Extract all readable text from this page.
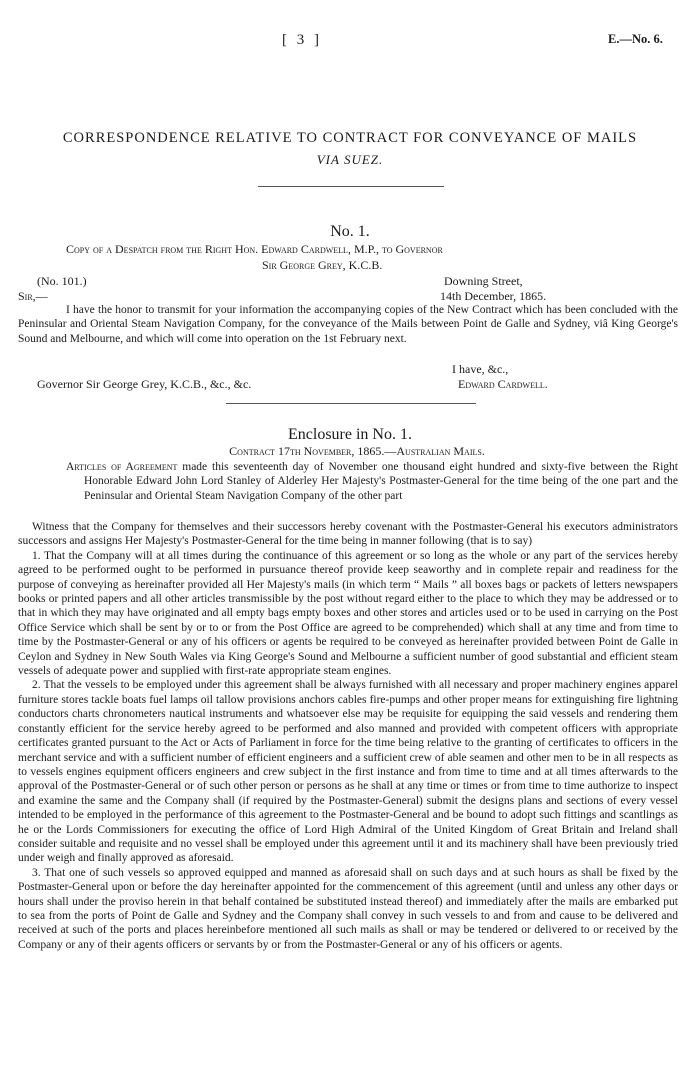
[ 3 ]	E.—No. 6.
CORRESPONDENCE RELATIVE TO CONTRACT FOR CONVEYANCE OF MAILS
VIA SUEZ.
No. 1.
Copy of a Despatch from the Right Hon. Edward Cardwell, M.P., to Governor
Sir George Grey, K.C.B.
(No. 101.)	Downing Street,
Sir,—	14th December, 1865.
I have the honor to transmit for your information the accompanying copies of the New Contract which has been concluded with the Peninsular and Oriental Steam Navigation Company, for the conveyance of the Mails between Point de Galle and Sydney, viâ King George's Sound and Melbourne, and which will come into operation on the 1st February next.
I have, &c.,
Governor Sir George Grey, K.C.B., &c., &c.	Edward Cardwell.
Enclosure in No. 1.
Contract 17th November, 1865.—Australian Mails.
Articles of Agreement made this seventeenth day of November one thousand eight hundred and sixty-five between the Right Honorable Edward John Lord Stanley of Alderley Her Majesty's Postmaster-General for the time being of the one part and the Peninsular and Oriental Steam Navigation Company of the other part

Witness that the Company for themselves and their successors hereby covenant with the Postmaster-General his executors administrators successors and assigns Her Majesty's Postmaster-General for the time being in manner following (that is to say)

1. That the Company will at all times during the continuance of this agreement or so long as the whole or any part of the services hereby agreed to be performed ought to be performed in pursuance thereof provide keep seaworthy and in complete repair and readiness for the purpose of conveying as hereinafter provided all Her Majesty's mails (in which term “ Mails ” all boxes bags or packets of letters newspapers books or printed papers and all other articles transmissible by the post without regard either to the place to which they may be addressed or to that in which they may have originated and all empty bags empty boxes and other stores and articles used or to be used in carrying on the Post Office Service which shall be sent by or to or from the Post Office are agreed to be comprehended) which shall at any time and from time to time by the Postmaster-General or any of his officers or agents be required to be conveyed as hereinafter provided between Point de Galle in Ceylon and Sydney in New South Wales via King George's Sound and Melbourne a sufficient number of good substantial and efficient steam vessels of adequate power and supplied with first-rate appropriate steam engines.

2. That the vessels to be employed under this agreement shall be always furnished with all necessary and proper machinery engines apparel furniture stores tackle boats fuel lamps oil tallow provisions anchors cables fire-pumps and other proper means for extinguishing fire lightning conductors charts chronometers nautical instruments and whatsoever else may be requisite for equipping the said vessels and rendering them constantly efficient for the service hereby agreed to be performed and also manned and provided with competent officers with appropriate certificates granted pursuant to the Act or Acts of Parliament in force for the time being relative to the granting of certificates to officers in the merchant service and with a sufficient number of efficient engineers and a sufficient crew of able seamen and other men to be in all respects as to vessels engines equipment officers engineers and crew subject in the first instance and from time to time and at all times afterwards to the approval of the Postmaster-General or of such other person or persons as he shall at any time or times or from time to time authorize to inspect and examine the same and the Company shall (if required by the Postmaster-General) submit the designs plans and sections of every vessel intended to be employed in the performance of this agreement to the Postmaster-General and be bound to adopt such fittings and scantlings as he or the Lords Commissioners for executing the office of Lord High Admiral of the United Kingdom of Great Britain and Ireland shall consider suitable and requisite and no vessel shall be employed under this agreement until it and its machinery shall have been previously tried under weigh and finally approved as aforesaid.

3. That one of such vessels so approved equipped and manned as aforesaid shall on such days and at such hours as shall be fixed by the Postmaster-General upon or before the day hereinafter appointed for the commencement of this agreement (until and unless any other days or hours shall under the proviso herein in that behalf contained be substituted instead thereof) and immediately after the mails are embarked put to sea from the ports of Point de Galle and Sydney and the Company shall convey in such vessels to and from and cause to be delivered and received at such of the ports and places hereinbefore mentioned all such mails as shall or may be tendered or delivered to or received by the Company or any of their agents officers or servants by or from the Postmaster-General or any of his officers or agents.
